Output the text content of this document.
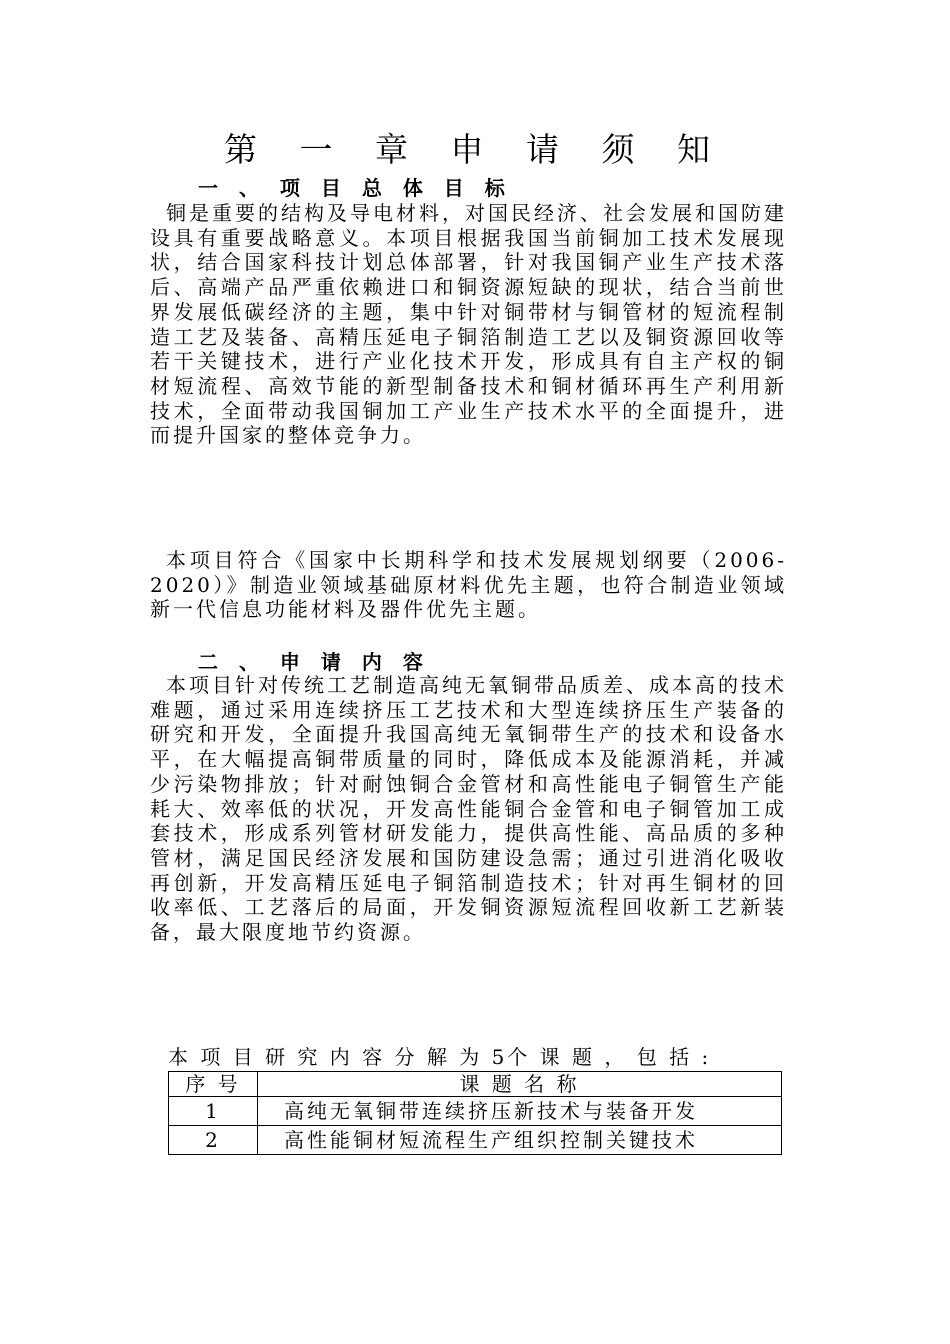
第 一 章 申 请 须 知
一 、 项 目 总 体 目 标

铜是重要的结构及导电材料，对国民经济、社会发展和国防建设具有重要战略意义。本项目根据我国当前铜加工技术发展现状，结合国家科技计划总体部署，针对我国铜产业生产技术落后、高端产品严重依赖进口和铜资源短缺的现状，结合当前世界发展低碳经济的主题，集中针对铜带材与铜管材的短流程制造工艺及装备、高精压延电子铜箔制造工艺以及铜资源回收等若干关键技术，进行产业化技术开发，形成具有自主产权的铜材短流程、高效节能的新型制备技术和铜材循环再生产利用新技术，全面带动我国铜加工产业生产技术水平的全面提升，进而提升国家的整体竞争力。

本项目符合《国家中长期科学和技术发展规划纲要（2006-2020）》制造业领域基础原材料优先主题，也符合制造业领域新一代信息功能材料及器件优先主题。

二 、 申 请 内 容

本项目针对传统工艺制造高纯无氧铜带品质差、成本高的技术难题，通过采用连续挤压工艺技术和大型连续挤压生产装备的研究和开发，全面提升我国高纯无氧铜带生产的技术和设备水平，在大幅提高铜带质量的同时，降低成本及能源消耗，并减少污染物排放；针对耐蚀铜合金管材和高性能电子铜管生产能耗大、效率低的状况，开发高性能铜合金管和电子铜管加工成套技术，形成系列管材研发能力，提供高性能、高品质的多种管材，满足国民经济发展和国防建设急需；通过引进消化吸收再创新，开发高精压延电子铜箔制造技术；针对再生铜材的回收率低、工艺落后的局面，开发铜资源短流程回收新工艺新装备，最大限度地节约资源。

本 项 目 研 究 内 容 分 解 为 5个 课 题 ， 包 括 :
序 号	课 题 名 称
1	高纯无氧铜带连续挤压新技术与装备开发
2	高性能铜材短流程生产组织控制关键技术
